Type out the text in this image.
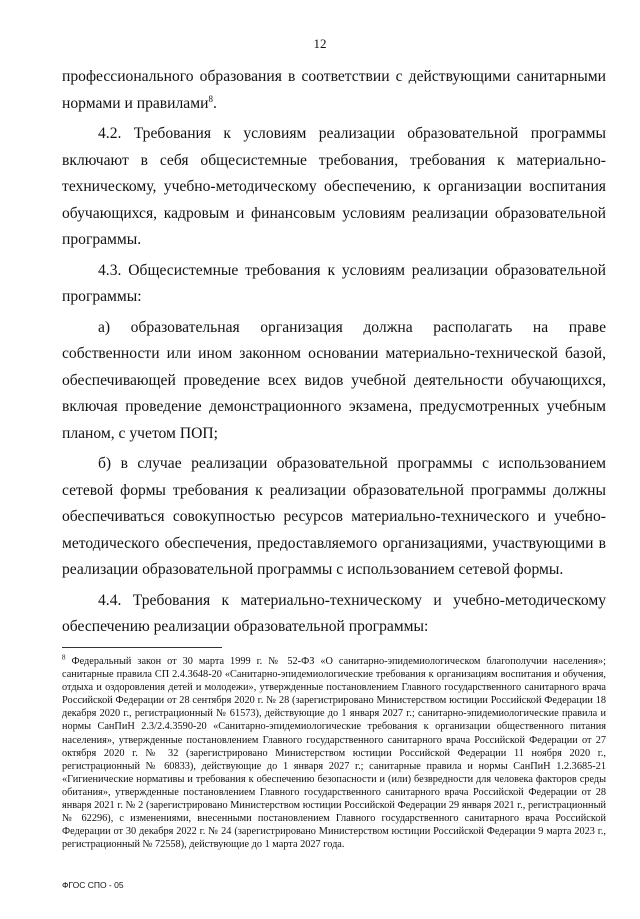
12

профессионального образования в соответствии с действующими санитарными нормами и правилами$^8$.

4.2. Требования к условиям реализации образовательной программы включают в себя общесистемные требования, требования к материально-техническому, учебно-методическому обеспечению, к организации воспитания обучающихся, кадровым и финансовым условиям реализации образовательной программы.

4.3. Общесистемные требования к условиям реализации образовательной программы:

а) образовательная организация должна располагать на праве собственности или ином законном основании материально-технической базой, обеспечивающей проведение всех видов учебной деятельности обучающихся, включая проведение демонстрационного экзамена, предусмотренных учебным планом, с учетом ПОП;

б) в случае реализации образовательной программы с использованием сетевой формы требования к реализации образовательной программы должны обеспечиваться совокупностью ресурсов материально-технического и учебно-методического обеспечения, предоставляемого организациями, участвующими в реализации образовательной программы с использованием сетевой формы.

4.4. Требования к материально-техническому и учебно-методическому обеспечению реализации образовательной программы:

$^8$ Федеральный закон от 30 марта 1999 г. № 52-ФЗ «О санитарно-эпидемиологическом благополучии населения»; санитарные правила СП 2.4.3648-20 «Санитарно-эпидемиологические требования к организациям воспитания и обучения, отдыха и оздоровления детей и молодежи», утвержденные постановлением Главного государственного санитарного врача Российской Федерации от 28 сентября 2020 г. № 28 (зарегистрировано Министерством юстиции Российской Федерации 18 декабря 2020 г., регистрационный № 61573), действующие до 1 января 2027 г.; санитарно-эпидемиологические правила и нормы СанПиН 2.3/2.4.3590-20 «Санитарно-эпидемиологические требования к организации общественного питания населения», утвержденные постановлением Главного государственного санитарного врача Российской Федерации от 27 октября 2020 г. № 32 (зарегистрировано Министерством юстиции Российской Федерации 11 ноября 2020 г., регистрационный № 60833), действующие до 1 января 2027 г.; санитарные правила и нормы СанПиН 1.2.3685-21 «Гигиенические нормативы и требования к обеспечению безопасности и (или) безвредности для человека факторов среды обитания», утвержденные постановлением Главного государственного санитарного врача Российской Федерации от 28 января 2021 г. № 2 (зарегистрировано Министерством юстиции Российской Федерации 29 января 2021 г., регистрационный № 62296), с изменениями, внесенными постановлением Главного государственного санитарного врача Российской Федерации от 30 декабря 2022 г. № 24 (зарегистрировано Министерством юстиции Российской Федерации 9 марта 2023 г., регистрационный № 72558), действующие до 1 марта 2027 года.
ФГОС СПО - 05
